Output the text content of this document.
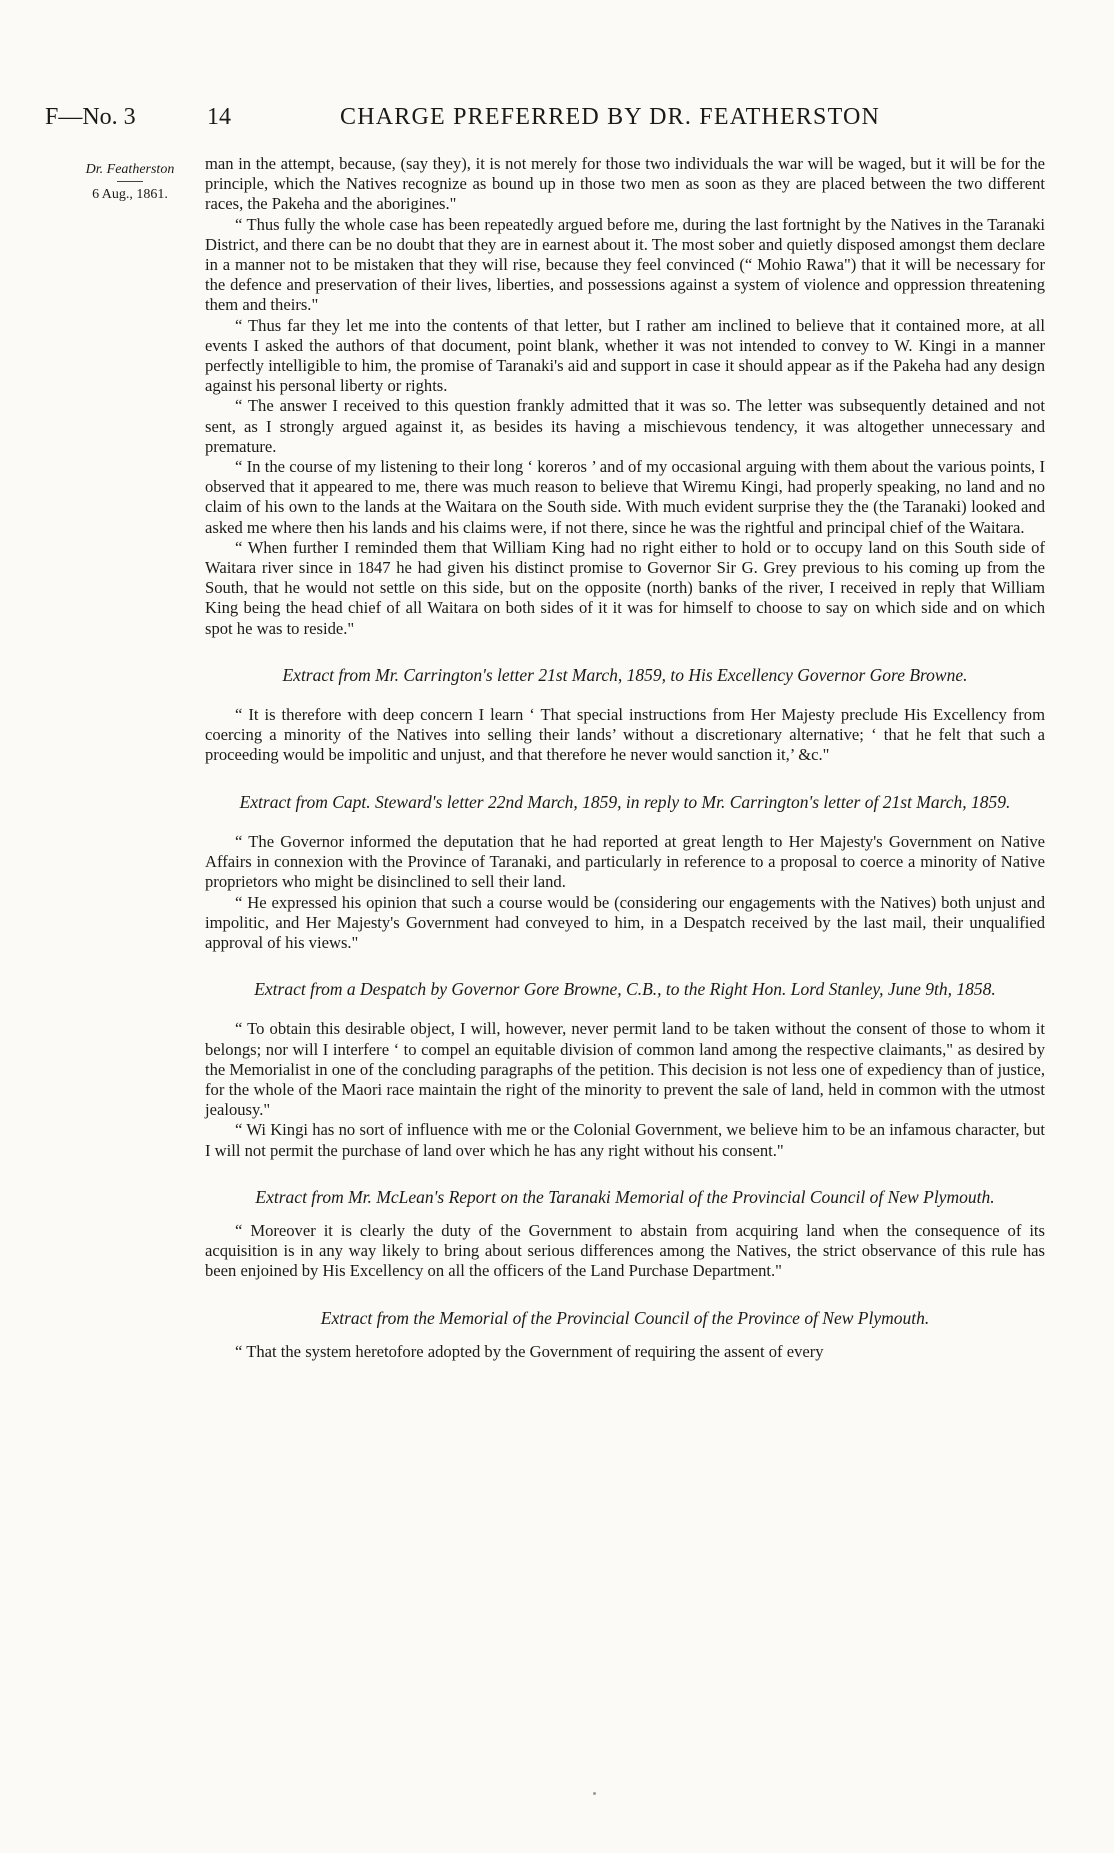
F—No. 3	14	CHARGE PREFERRED BY DR. FEATHERSTON
Dr. Featherston
6 Aug., 1861.

man in the attempt, because, (say they), it is not merely for those two individuals the war will be waged, but it will be for the principle, which the Natives recognize as bound up in those two men as soon as they are placed between the two different races, the Pakeha and the aborigines."

“ Thus fully the whole case has been repeatedly argued before me, during the last fortnight by the Natives in the Taranaki District, and there can be no doubt that they are in earnest about it. The most sober and quietly disposed amongst them declare in a manner not to be mistaken that they will rise, because they feel convinced (“ Mohio Rawa") that it will be necessary for the defence and preservation of their lives, liberties, and possessions against a system of violence and oppression threatening them and theirs."

“ Thus far they let me into the contents of that letter, but I rather am inclined to believe that it contained more, at all events I asked the authors of that document, point blank, whether it was not intended to convey to W. Kingi in a manner perfectly intelligible to him, the promise of Taranaki's aid and support in case it should appear as if the Pakeha had any design against his personal liberty or rights.

“ The answer I received to this question frankly admitted that it was so. The letter was subsequently detained and not sent, as I strongly argued against it, as besides its having a mischievous tendency, it was altogether unnecessary and premature.

“ In the course of my listening to their long ‘ koreros ’ and of my occasional arguing with them about the various points, I observed that it appeared to me, there was much reason to believe that Wiremu Kingi, had properly speaking, no land and no claim of his own to the lands at the Waitara on the South side. With much evident surprise they the (the Taranaki) looked and asked me where then his lands and his claims were, if not there, since he was the rightful and principal chief of the Waitara.

“ When further I reminded them that William King had no right either to hold or to occupy land on this South side of Waitara river since in 1847 he had given his distinct promise to Governor Sir G. Grey previous to his coming up from the South, that he would not settle on this side, but on the opposite (north) banks of the river, I received in reply that William King being the head chief of all Waitara on both sides of it it was for himself to choose to say on which side and on which spot he was to reside."

Extract from Mr. Carrington's letter 21st March, 1859, to His Excellency Governor Gore Browne.

“ It is therefore with deep concern I learn ‘ That special instructions from Her Majesty preclude His Excellency from coercing a minority of the Natives into selling their lands’ without a discretionary alternative; ‘ that he felt that such a proceeding would be impolitic and unjust, and that therefore he never would sanction it,’ &c."

Extract from Capt. Steward's letter 22nd March, 1859, in reply to Mr. Carrington's letter of 21st March, 1859.

“ The Governor informed the deputation that he had reported at great length to Her Majesty's Government on Native Affairs in connexion with the Province of Taranaki, and particularly in reference to a proposal to coerce a minority of Native proprietors who might be disinclined to sell their land.

“ He expressed his opinion that such a course would be (considering our engagements with the Natives) both unjust and impolitic, and Her Majesty's Government had conveyed to him, in a Despatch received by the last mail, their unqualified approval of his views."

Extract from a Despatch by Governor Gore Browne, C.B., to the Right Hon. Lord Stanley, June 9th, 1858.

“ To obtain this desirable object, I will, however, never permit land to be taken without the consent of those to whom it belongs; nor will I interfere ‘ to compel an equitable division of common land among the respective claimants," as desired by the Memorialist in one of the concluding paragraphs of the petition. This decision is not less one of expediency than of justice, for the whole of the Maori race maintain the right of the minority to prevent the sale of land, held in common with the utmost jealousy."

“ Wi Kingi has no sort of influence with me or the Colonial Government, we believe him to be an infamous character, but I will not permit the purchase of land over which he has any right without his consent."

Extract from Mr. McLean's Report on the Taranaki Memorial of the Provincial Council of New Plymouth.

“ Moreover it is clearly the duty of the Government to abstain from acquiring land when the consequence of its acquisition is in any way likely to bring about serious differences among the Natives, the strict observance of this rule has been enjoined by His Excellency on all the officers of the Land Purchase Department."

Extract from the Memorial of the Provincial Council of the Province of New Plymouth.

“ That the system heretofore adopted by the Government of requiring the assent of every
